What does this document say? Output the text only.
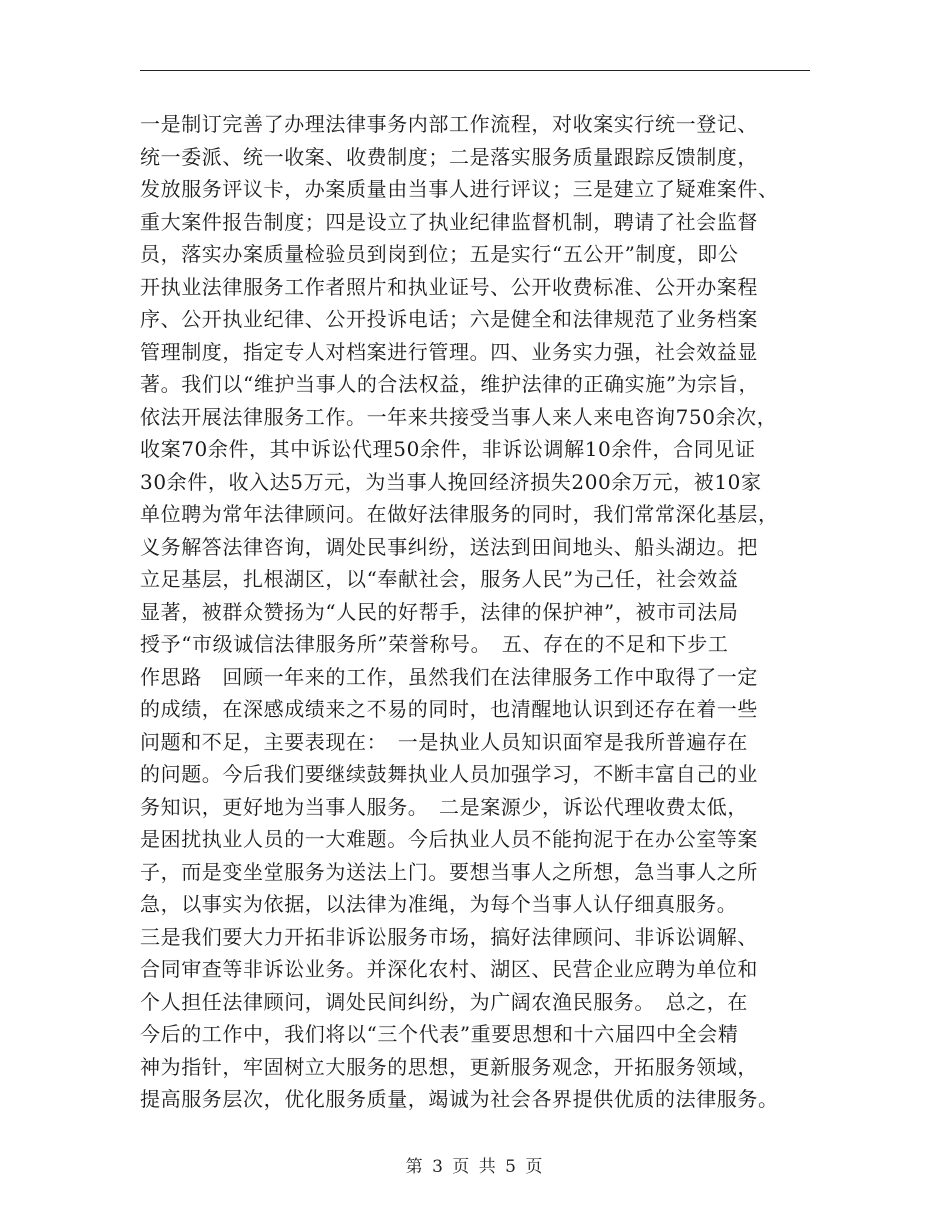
一是制订完善了办理法律事务内部工作流程，对收案实行统一登记、
统一委派、统一收案、收费制度；二是落实服务质量跟踪反馈制度，
发放服务评议卡，办案质量由当事人进行评议；三是建立了疑难案件、
重大案件报告制度；四是设立了执业纪律监督机制，聘请了社会监督
员，落实办案质量检验员到岗到位；五是实行“五公开”制度，即公
开执业法律服务工作者照片和执业证号、公开收费标准、公开办案程
序、公开执业纪律、公开投诉电话；六是健全和法律规范了业务档案
管理制度，指定专人对档案进行管理。四、业务实力强，社会效益显
著。我们以“维护当事人的合法权益，维护法律的正确实施”为宗旨，
依法开展法律服务工作。一年来共接受当事人来人来电咨询750余次，
收案70余件，其中诉讼代理50余件，非诉讼调解10余件，合同见证
30余件，收入达5万元，为当事人挽回经济损失200余万元，被10家
单位聘为常年法律顾问。在做好法律服务的同时，我们常常深化基层，
义务解答法律咨询，调处民事纠纷，送法到田间地头、船头湖边。把
立足基层，扎根湖区，以“奉献社会，服务人民”为己任，社会效益
显著，被群众赞扬为“人民的好帮手，法律的保护神”，被市司法局
授予“市级诚信法律服务所”荣誉称号。　五、存在的不足和下步工
作思路　回顾一年来的工作，虽然我们在法律服务工作中取得了一定
的成绩，在深感成绩来之不易的同时，也清醒地认识到还存在着一些
问题和不足，主要表现在：　一是执业人员知识面窄是我所普遍存在
的问题。今后我们要继续鼓舞执业人员加强学习，不断丰富自己的业
务知识，更好地为当事人服务。　二是案源少，诉讼代理收费太低，
是困扰执业人员的一大难题。今后执业人员不能拘泥于在办公室等案
子，而是变坐堂服务为送法上门。要想当事人之所想，急当事人之所
急，以事实为依据，以法律为准绳，为每个当事人认仔细真服务。
三是我们要大力开拓非诉讼服务市场，搞好法律顾问、非诉讼调解、
合同审查等非诉讼业务。并深化农村、湖区、民营企业应聘为单位和
个人担任法律顾问，调处民间纠纷，为广阔农渔民服务。　总之，在
今后的工作中，我们将以“三个代表”重要思想和十六届四中全会精
神为指针，牢固树立大服务的思想，更新服务观念，开拓服务领域，
提高服务层次，优化服务质量，竭诚为社会各界提供优质的法律服务。
第 3 页 共 5 页
